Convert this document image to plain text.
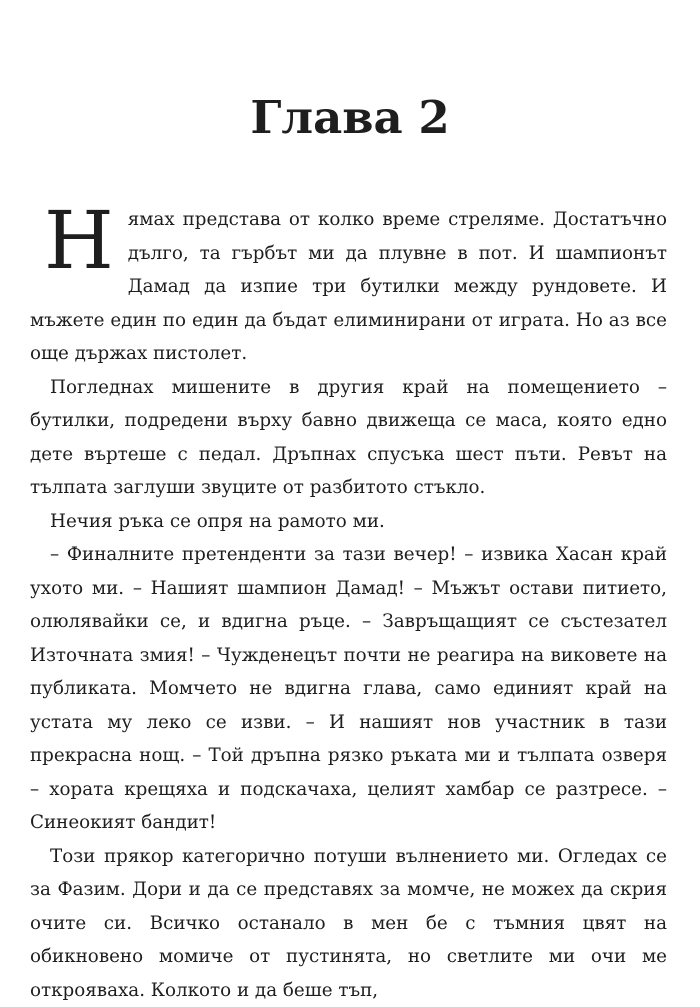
Глава 2

Нямах представа от колко време стреляме. Достатъчно дълго, та гърбът ми да плувне в пот. И шампионът Дамад да изпие три бутилки между рундовете. И мъжете един по един да бъдат елиминирани от играта. Но аз все още държах пистолет.

Погледнах мишените в другия край на помещението – бутилки, подредени върху бавно движеща се маса, която едно дете въртеше с педал. Дръпнах спусъка шест пъти. Ревът на тълпата заглуши звуците от разбитото стъкло.

Нечия ръка се опря на рамото ми.

– Финалните претенденти за тази вечер! – извика Хасан край ухото ми. – Нашият шампион Дамад! – Мъжът остави питието, олюлявайки се, и вдигна ръце. – Завръщащият се състезател Източната змия! – Чужденецът почти не реагира на виковете на публиката. Момчето не вдигна глава, само единият край на устата му леко се изви. – И нашият нов участник в тази прекрасна нощ. – Той дръпна рязко ръката ми и тълпата озверя – хората крещяха и подскачаха, целият хамбар се разтресе. – Синеокият бандит!

Този прякор категорично потуши вълнението ми. Огледах се за Фазим. Дори и да се представях за момче, не можех да скрия очите си. Всичко останало в мен бе с тъмния цвят на обикновено момиче от пустинята, но светлите ми очи ме открояваха. Колкото и да беше тъп,
